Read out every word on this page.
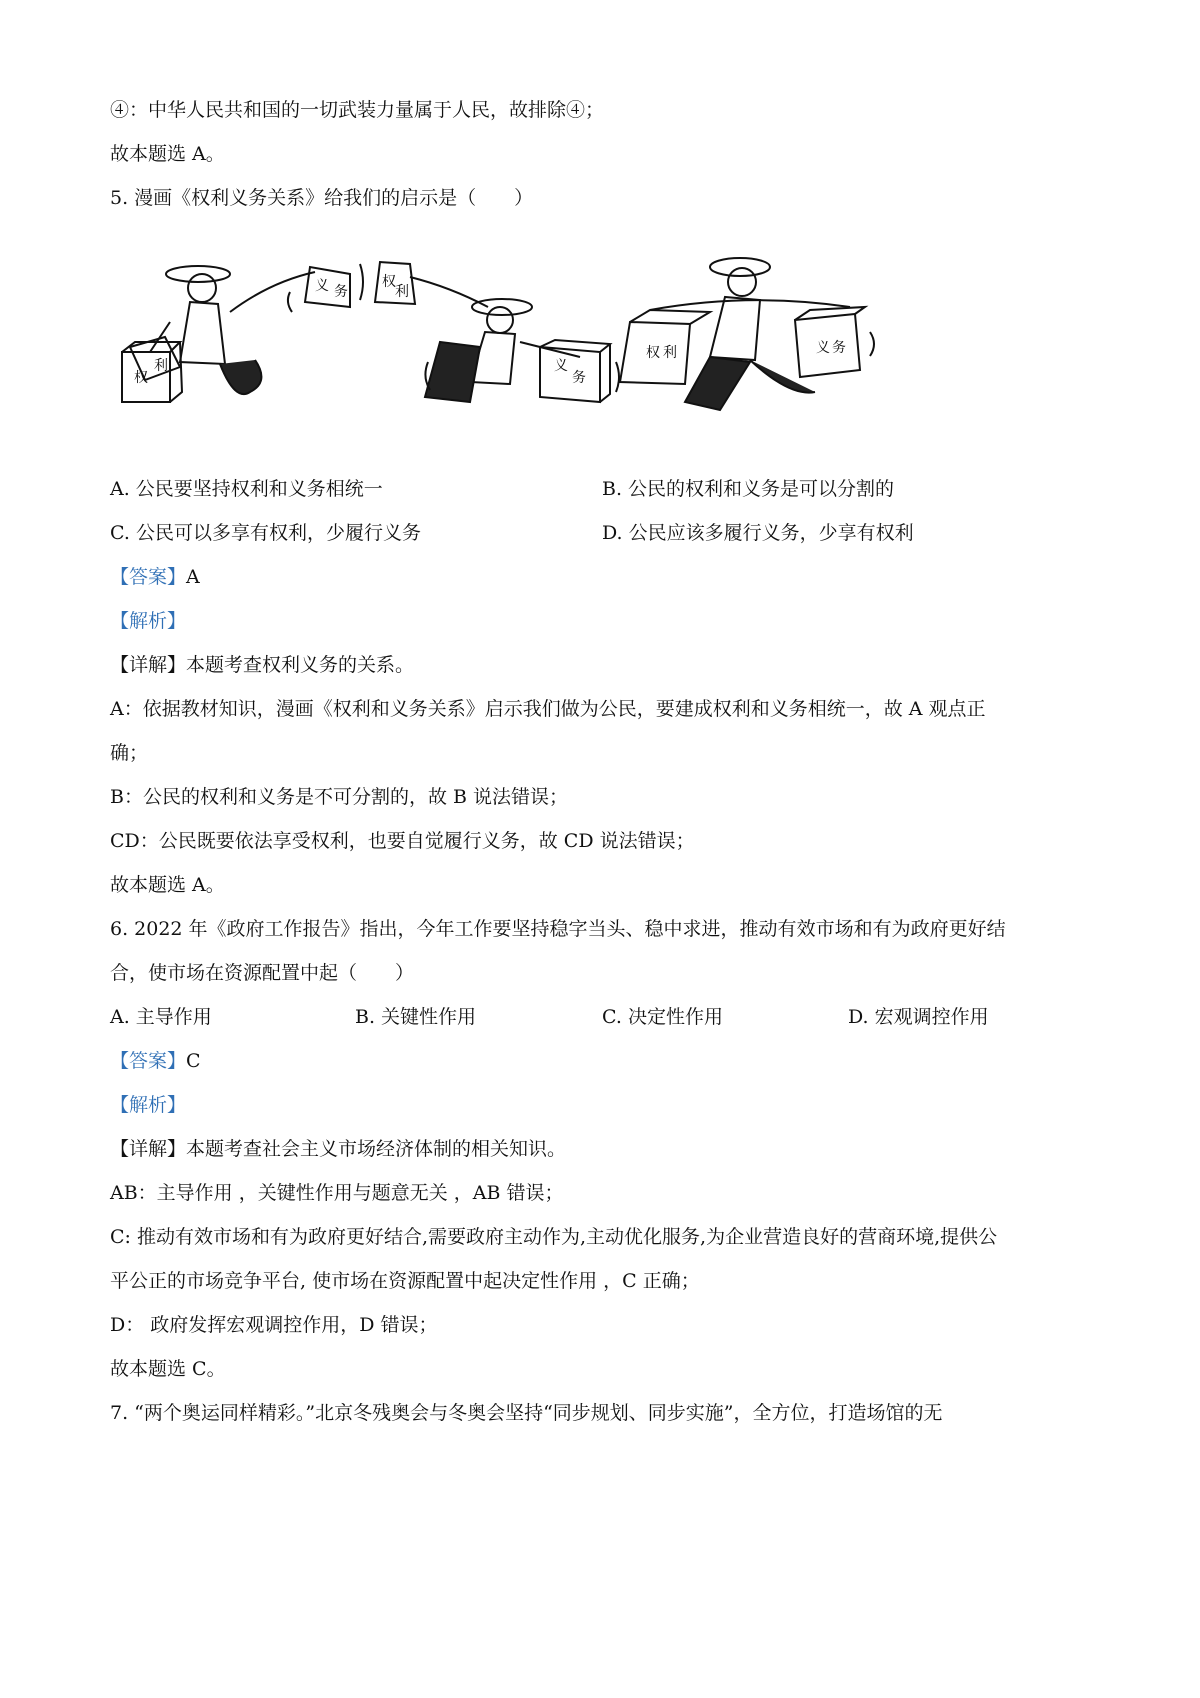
④：中华人民共和国的一切武装力量属于人民，故排除④；
故本题选 A。
5. 漫画《权利义务关系》给我们的启示是（　　）
权
利
义 务
权
利
义
务
权 利	义 务
A. 公民要坚持权利和义务相统一	B. 公民的权利和义务是可以分割的
C. 公民可以多享有权利，少履行义务	D. 公民应该多履行义务，少享有权利
【答案】A
【解析】
【详解】本题考查权利义务的关系。
A：依据教材知识，漫画《权利和义务关系》启示我们做为公民，要建成权利和义务相统一，故 A 观点正
确；
B：公民的权利和义务是不可分割的，故 B 说法错误；
CD：公民既要依法享受权利，也要自觉履行义务，故 CD 说法错误；
故本题选 A。
6. 2022 年《政府工作报告》指出，今年工作要坚持稳字当头、稳中求进，推动有效市场和有为政府更好结
合，使市场在资源配置中起（　　）
A. 主导作用	B. 关键性作用	C. 决定性作用	D. 宏观调控作用
【答案】C
【解析】
【详解】本题考查社会主义市场经济体制的相关知识。
AB：主导作用 ，关键性作用与题意无关 ，AB 错误；
C: 推动有效市场和有为政府更好结合,需要政府主动作为,主动优化服务,为企业营造良好的营商环境,提供公
平公正的市场竞争平台, 使市场在资源配置中起决定性作用 ，C 正确；
D： 政府发挥宏观调控作用，D 错误；
故本题选 C。
7. “两个奥运同样精彩。”北京冬残奥会与冬奥会坚持“同步规划、同步实施”，全方位，打造场馆的无
